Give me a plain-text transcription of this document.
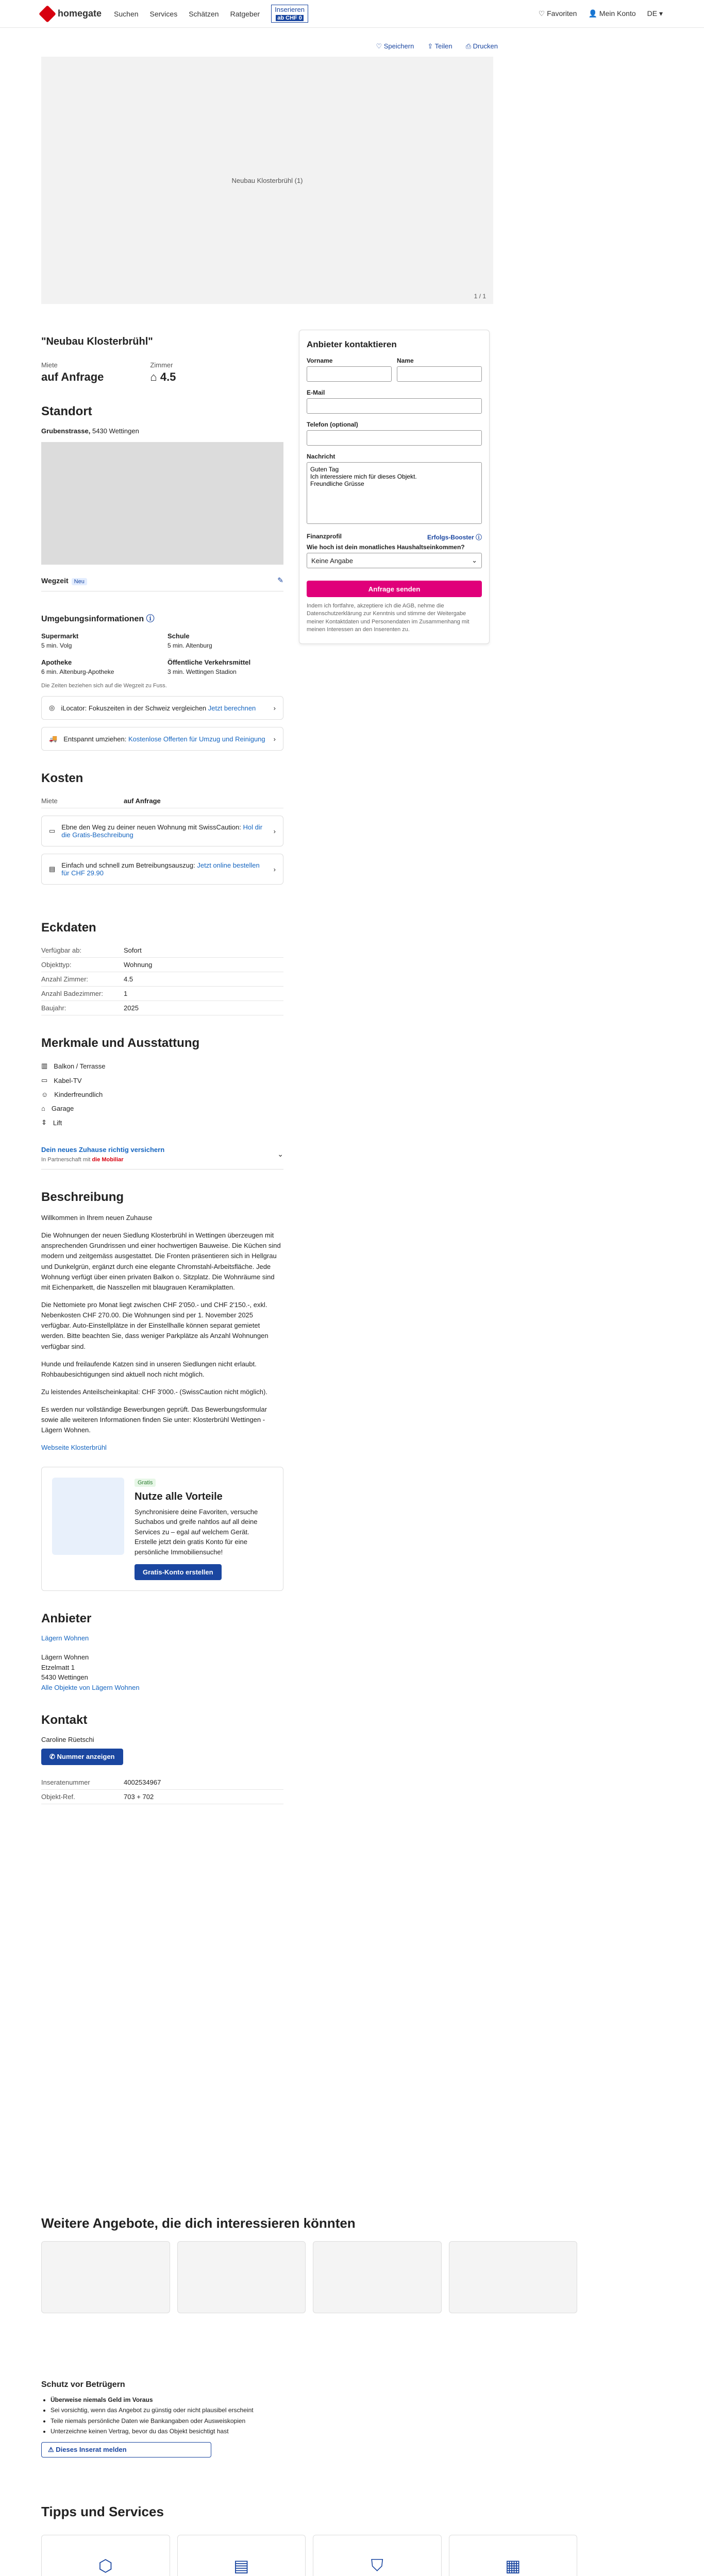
homegate Suchen Services Schätzen Ratgeber Inserieren
ab CHF 0
♡ Favoriten 👤 Mein Konto DE ▾
♡ Speichern ⇪ Teilen ⎙ Drucken
Neubau Klosterbrühl (1)
1 / 1
"Neubau Klosterbrühl"
Miete
auf Anfrage
Zimmer
⌂ 4.5
Standort
Grubenstrasse, 5430 Wettingen
Wegzeit Neu	✎
Umgebungsinformationen ⓘ
Supermarkt
5 min. Volg
Schule
5 min. Altenburg
Apotheke
6 min. Altenburg-Apotheke
Öffentliche Verkehrsmittel
3 min. Wettingen Stadion
Die Zeiten beziehen sich auf die Wegzeit zu Fuss.
◎ iLocator: Fokuszeiten in der Schweiz vergleichen Jetzt berechnen	›
🚚 Entspannt umziehen: Kostenlose Offerten für Umzug und Reinigung	›
Kosten
Miete	auf Anfrage
▭ Ebne den Weg zu deiner neuen Wohnung mit SwissCaution: Hol dir die Gratis-Beschreibung	›
▤ Einfach und schnell zum Betreibungsauszug: Jetzt online bestellen für CHF 29.90	›
Eckdaten
Verfügbar ab:	Sofort
Objekttyp:	Wohnung
Anzahl Zimmer:	4.5
Anzahl Badezimmer:	1
Baujahr:	2025
Merkmale und Ausstattung
▥ Balkon / Terrasse
▭ Kabel-TV
☺ Kinderfreundlich
⌂ Garage
⇕ Lift
Dein neues Zuhause richtig versichern
In Partnerschaft mit die Mobiliar
⌄
Beschreibung

Willkommen in Ihrem neuen Zuhause

Die Wohnungen der neuen Siedlung Klosterbrühl in Wettingen überzeugen mit ansprechenden Grundrissen und einer hochwertigen Bauweise. Die Küchen sind modern und zeitgemäss ausgestattet. Die Fronten präsentieren sich in Hellgrau und Dunkelgrün, ergänzt durch eine elegante Chromstahl-Arbeitsfläche. Jede Wohnung verfügt über einen privaten Balkon o. Sitzplatz. Die Wohnräume sind mit Eichenparkett, die Nasszellen mit blaugrauen Keramikplatten.

Die Nettomiete pro Monat liegt zwischen CHF 2'050.- und CHF 2'150.-, exkl. Nebenkosten CHF 270.00. Die Wohnungen sind per 1. November 2025 verfügbar. Auto-Einstellplätze in der Einstellhalle können separat gemietet werden. Bitte beachten Sie, dass weniger Parkplätze als Anzahl Wohnungen verfügbar sind.

Hunde und freilaufende Katzen sind in unseren Siedlungen nicht erlaubt. Rohbaubesichtigungen sind aktuell noch nicht möglich.

Zu leistendes Anteilscheinkapital: CHF 3'000.- (SwissCaution nicht möglich).

Es werden nur vollständige Bewerbungen geprüft. Das Bewerbungsformular sowie alle weiteren Informationen finden Sie unter: Klosterbrühl Wettingen - Lägern Wohnen.

Webseite Klosterbrühl
Gratis
Nutze alle Vorteile
Synchronisiere deine Favoriten, versuche Suchabos und greife nahtlos auf all deine Services zu – egal auf welchem Gerät. Erstelle jetzt dein gratis Konto für eine persönliche Immobiliensuche!
Gratis-Konto erstellen
Anbieter
Lägern Wohnen
Lägern Wohnen
Etzelmatt 1
5430 Wettingen
Alle Objekte von Lägern Wohnen
Kontakt
Caroline Rüetschi
✆ Nummer anzeigen
Inseratenummer	4002534967
Objekt-Ref.	703 + 702
Anbieter kontaktieren
Vorname	Name
E-Mail
Telefon (optional)
Nachricht
Guten Tag Ich interessiere mich für dieses Objekt. Freundliche Grüsse
Finanzprofil	Erfolgs-Booster ⓘ
Wie hoch ist dein monatliches Haushaltseinkommen?
Keine Angabe	⌄
Anfrage senden
Indem ich fortfahre, akzeptiere ich die AGB, nehme die Datenschutzerklärung zur Kenntnis und stimme der Weitergabe meiner Kontaktdaten und Personendaten im Zusammenhang mit meinen Interessen an den Inserenten zu.
Weitere Angebote, die dich interessieren könnten
Schutz vor Betrügern
• Überweise niemals Geld im Voraus
• Sei vorsichtig, wenn das Angebot zu günstig oder nicht plausibel erscheint
• Teile niemals persönliche Daten wie Bankangaben oder Ausweiskopien
• Unterzeichne keinen Vertrag, bevor du das Objekt besichtigt hast
⚠ Dieses Inserat melden
Tipps und Services
⬡	▤	⛉	▦
